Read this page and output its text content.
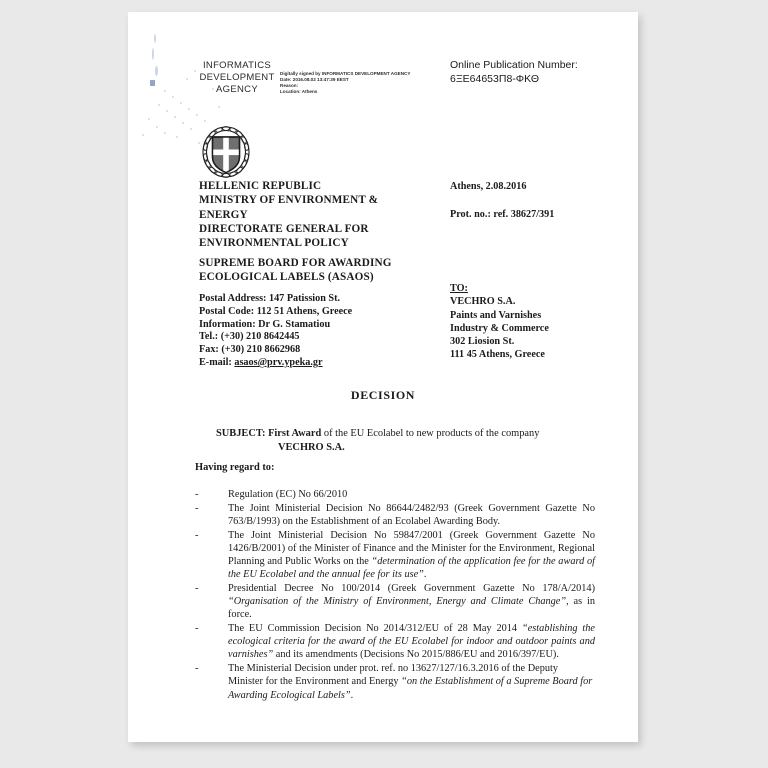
INFORMATICS
DEVELOPMENT
AGENCY
Digitally signed by INFORMATICS DEVELOPMENT AGENCY
Date: 2016.08.02 13:47:39 EEST
Reason:
Location: Athens
Online Publication Number:
6ΞΕ64653Π8-ΦΚΘ
HELLENIC REPUBLIC
MINISTRY OF ENVIRONMENT &
ENERGY
DIRECTORATE GENERAL FOR
ENVIRONMENTAL POLICY
SUPREME BOARD FOR AWARDING
ECOLOGICAL LABELS (ASAOS)
Postal Address: 147 Patission St.
Postal Code: 112 51 Athens, Greece
Information: Dr G. Stamatiou
Tel.: (+30) 210 8642445
Fax: (+30) 210 8662968
E-mail: asaos@prv.ypeka.gr
Athens, 2.08.2016
Prot. no.: ref. 38627/391
TO:
VECHRO S.A.
Paints and Varnishes
Industry & Commerce
302 Liosion St.
111 45 Athens, Greece
DECISION
SUBJECT: First Award of the EU Ecolabel to new products of the company
VECHRO S.A.
Having regard to:
-	Regulation (EC) No 66/2010
-	The Joint Ministerial Decision No 86644/2482/93 (Greek Government Gazette No 763/B/1993) on the Establishment of an Ecolabel Awarding Body.
-	The Joint Ministerial Decision No 59847/2001 (Greek Government Gazette No 1426/B/2001) of the Minister of Finance and the Minister for the Environment, Regional Planning and Public Works on the “determination of the application fee for the award of the EU Ecolabel and the annual fee for its use”.
-	Presidential Decree No 100/2014 (Greek Government Gazette No 178/A/2014) “Organisation of the Ministry of Environment, Energy and Climate Change”, as in force.
-	The EU Commission Decision No 2014/312/EU of 28 May 2014 “establishing the ecological criteria for the award of the EU Ecolabel for indoor and outdoor paints and varnishes” and its amendments (Decisions No 2015/886/EU and 2016/397/EU).
-	The Ministerial Decision under prot. ref. no 13627/127/16.3.2016 of the Deputy Minister for the Environment and Energy “on the Establishment of a Supreme Board for Awarding Ecological Labels”.
